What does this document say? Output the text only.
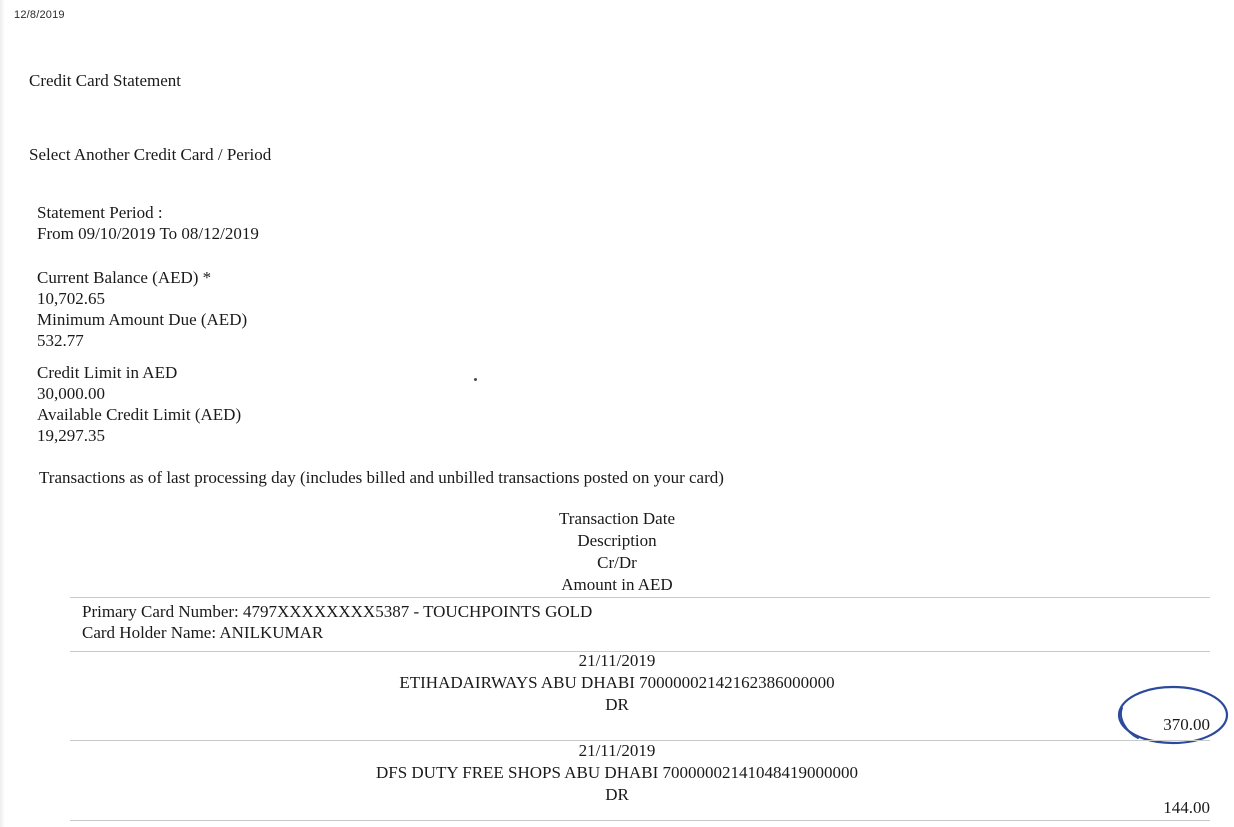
12/8/2019
Credit Card Statement
Select Another Credit Card / Period
Statement Period :
From 09/10/2019 To 08/12/2019
Current Balance (AED) *
10,702.65
Minimum Amount Due (AED)
532.77
Credit Limit in AED
30,000.00
Available Credit Limit (AED)
19,297.35
Transactions as of last processing day (includes billed and unbilled transactions posted on your card)
Transaction Date
Description
Cr/Dr
Amount in AED
Primary Card Number: 4797XXXXXXXX5387 - TOUCHPOINTS GOLD
Card Holder Name: ANILKUMAR
21/11/2019
ETIHADAIRWAYS ABU DHABI 70000002142162386000000
DR
370.00
21/11/2019
DFS DUTY FREE SHOPS ABU DHABI 70000002141048419000000
DR
144.00
